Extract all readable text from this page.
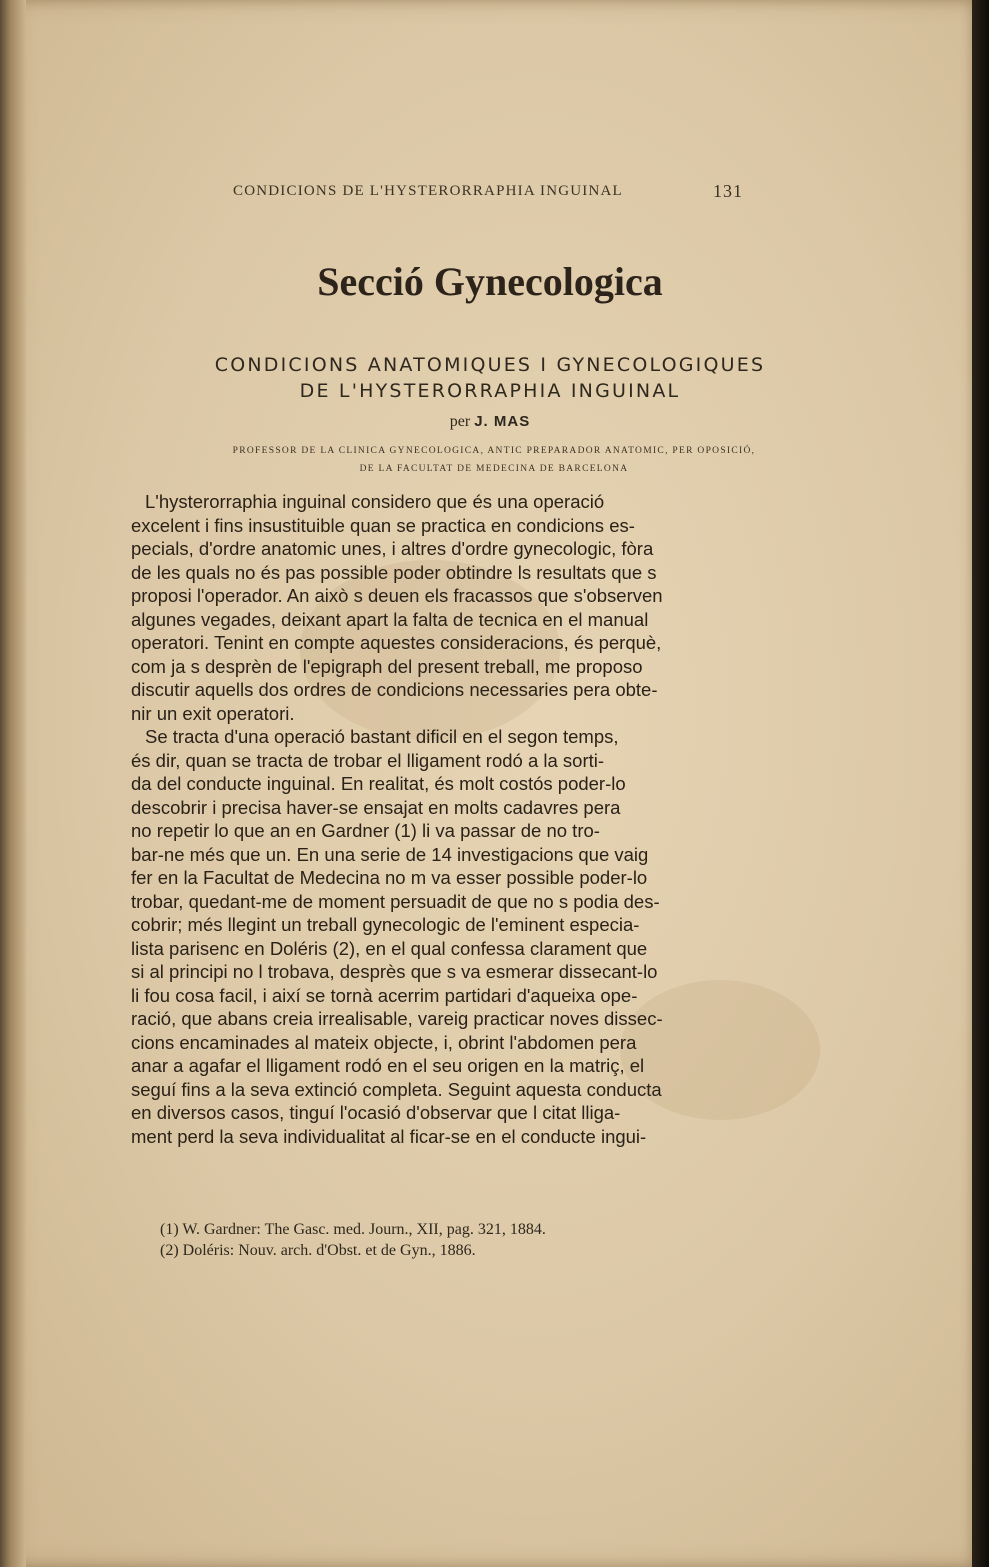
CONDICIONS DE L'HYSTERORRAPHIA INGUINAL	131
Secció Gynecologica
CONDICIONS ANATOMIQUES I GYNECOLOGIQUES
DE L'HYSTERORRAPHIA INGUINAL
per J. MAS
PROFESSOR DE LA CLINICA GYNECOLOGICA, ANTIC PREPARADOR ANATOMIC, PER OPOSICIÓ,
DE LA FACULTAT DE MEDECINA DE BARCELONA
L'hysterorraphia inguinal considero que és una operació
excelent i fins insustituible quan se practica en condicions es-
pecials, d'ordre anatomic unes, i altres d'ordre gynecologic, fòra
de les quals no és pas possible poder obtindre ls resultats que s
proposi l'operador. An això s deuen els fracassos que s'observen
algunes vegades, deixant apart la falta de tecnica en el manual
operatori. Tenint en compte aquestes consideracions, és perquè,
com ja s desprèn de l'epigraph del present treball, me proposo
discutir aquells dos ordres de condicions necessaries pera obte-
nir un exit operatori.
Se tracta d'una operació bastant dificil en el segon temps,
és dir, quan se tracta de trobar el lligament rodó a la sorti-
da del conducte inguinal. En realitat, és molt costós poder-lo
descobrir i precisa haver-se ensajat en molts cadavres pera
no repetir lo que an en Gardner (1) li va passar de no tro-
bar-ne més que un. En una serie de 14 investigacions que vaig
fer en la Facultat de Medecina no m va esser possible poder-lo
trobar, quedant-me de moment persuadit de que no s podia des-
cobrir; més llegint un treball gynecologic de l'eminent especia-
lista parisenc en Doléris (2), en el qual confessa clarament que
si al principi no l trobava, desprès que s va esmerar dissecant-lo
li fou cosa facil, i així se tornà acerrim partidari d'aqueixa ope-
ració, que abans creia irrealisable, vareig practicar noves dissec-
cions encaminades al mateix objecte, i, obrint l'abdomen pera
anar a agafar el lligament rodó en el seu origen en la matriç, el
seguí fins a la seva extinció completa. Seguint aquesta conducta
en diversos casos, tinguí l'ocasió d'observar que l citat lliga-
ment perd la seva individualitat al ficar-se en el conducte ingui-
(1) W. Gardner: The Gasc. med. Journ., XII, pag. 321, 1884.
(2) Doléris: Nouv. arch. d'Obst. et de Gyn., 1886.
